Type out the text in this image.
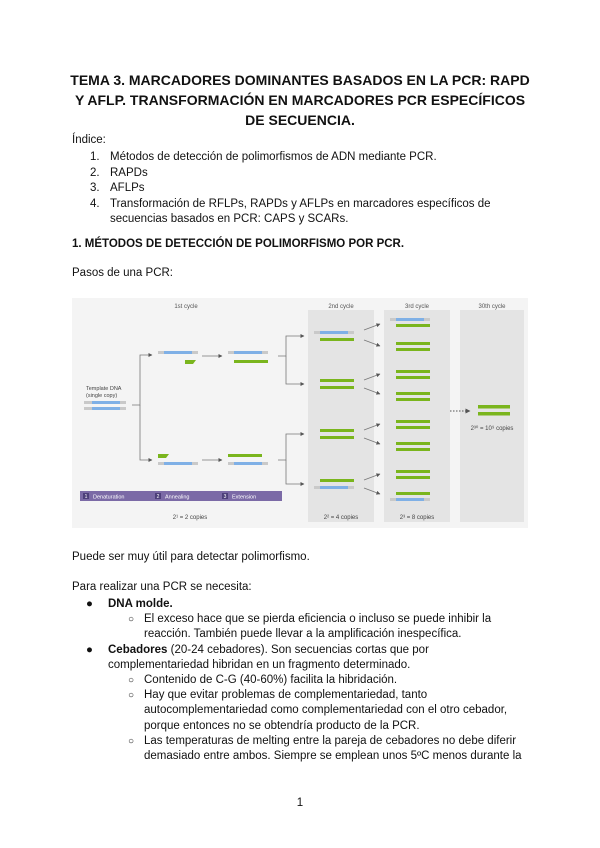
TEMA 3. MARCADORES DOMINANTES BASADOS EN LA PCR: RAPD Y AFLP. TRANSFORMACIÓN EN MARCADORES PCR ESPECÍFICOS DE SECUENCIA.
Índice:
1. Métodos de detección de polimorfismos de ADN mediante PCR.
2. RAPDs
3. AFLPs
4. Transformación de RFLPs, RAPDs y AFLPs en marcadores específicos de secuencias basados en PCR: CAPS y SCARs.
1. MÉTODOS DE DETECCIÓN DE POLIMORFISMO POR PCR.
Pasos de una PCR:
1st cycle	2nd cycle	3rd cycle	30th cycle
Template DNA
(single copy)
2³⁰ = 10⁹ copies
1 Denaturation	2 Annealing	3 Extension
2¹ = 2 copies	2² = 4 copies	2³ = 8 copies
Puede ser muy útil para detectar polimorfismo.
Para realizar una PCR se necesita:
●	DNA molde.
○ El exceso hace que se pierda eficiencia o incluso se puede inhibir la reacción. También puede llevar a la amplificación inespecífica.
●	Cebadores (20-24 cebadores). Son secuencias cortas que por complementariedad hibridan en un fragmento determinado.
○ Contenido de C-G (40-60%) facilita la hibridación.
○ Hay que evitar problemas de complementariedad, tanto autocomplementariedad como complementariedad con el otro cebador, porque entonces no se obtendría producto de la PCR.
○ Las temperaturas de melting entre la pareja de cebadores no debe diferir demasiado entre ambos. Siempre se emplean unos 5ºC menos durante la
1
